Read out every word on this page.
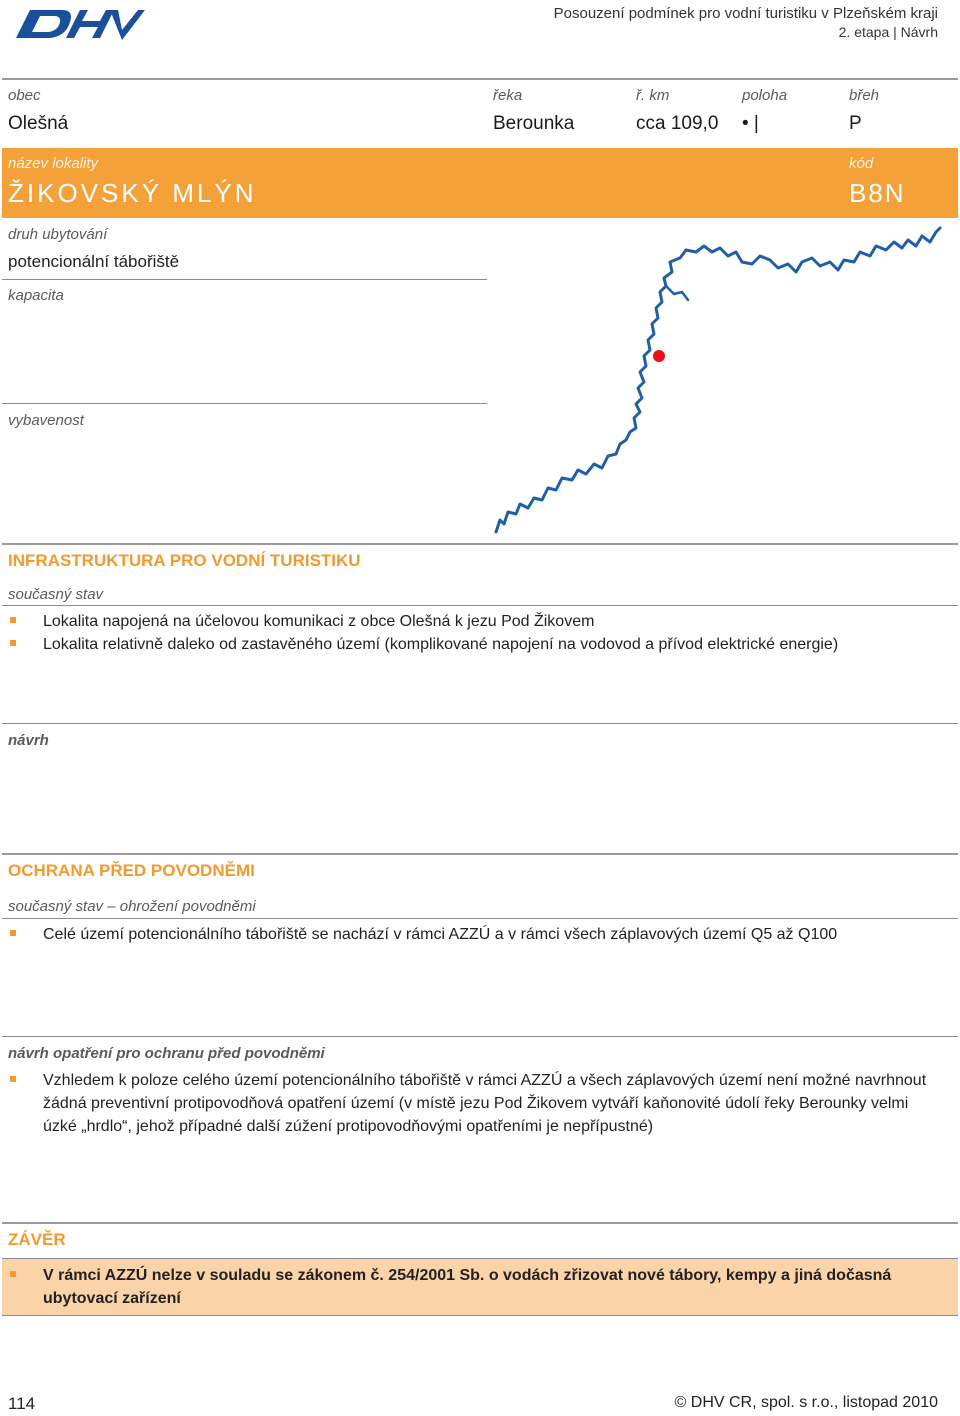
Posouzení podmínek pro vodní turistiku v Plzeňském kraji
2. etapa | Návrh
obec
Olešná
řeka
Berounka
ř. km
cca 109,0
poloha
• |
břeh
P
název lokality
ŽIKOVSKÝ MLÝN
kód
B8N
druh ubytování
potencionální tábořiště
kapacita
vybavenost
INFRASTRUKTURA PRO VODNÍ TURISTIKU
současný stav
Lokalita napojená na účelovou komunikaci z obce Olešná k jezu Pod Žikovem
Lokalita relativně daleko od zastavěného území (komplikované napojení na vodovod a přívod elektrické energie)
návrh
OCHRANA PŘED POVODNĚMI
současný stav – ohrožení povodněmi
Celé území potencionálního tábořiště se nachází v rámci AZZÚ a v rámci všech záplavových území Q5 až Q100
návrh opatření pro ochranu před povodněmi
Vzhledem k poloze celého území potencionálního tábořiště v rámci AZZÚ a všech záplavových území není možné navrhnout
žádná preventivní protipovodňová opatření území (v místě jezu Pod Žikovem vytváří kaňonovité údolí řeky Berounky velmi
úzké „hrdlo“, jehož případné další zúžení protipovodňovými opatřeními je nepřípustné)
ZÁVĚR
V rámci AZZÚ nelze v souladu se zákonem č. 254/2001 Sb. o vodách zřizovat nové tábory, kempy a jiná dočasná
ubytovací zařízení
114	© DHV CR, spol. s r.o., listopad 2010
